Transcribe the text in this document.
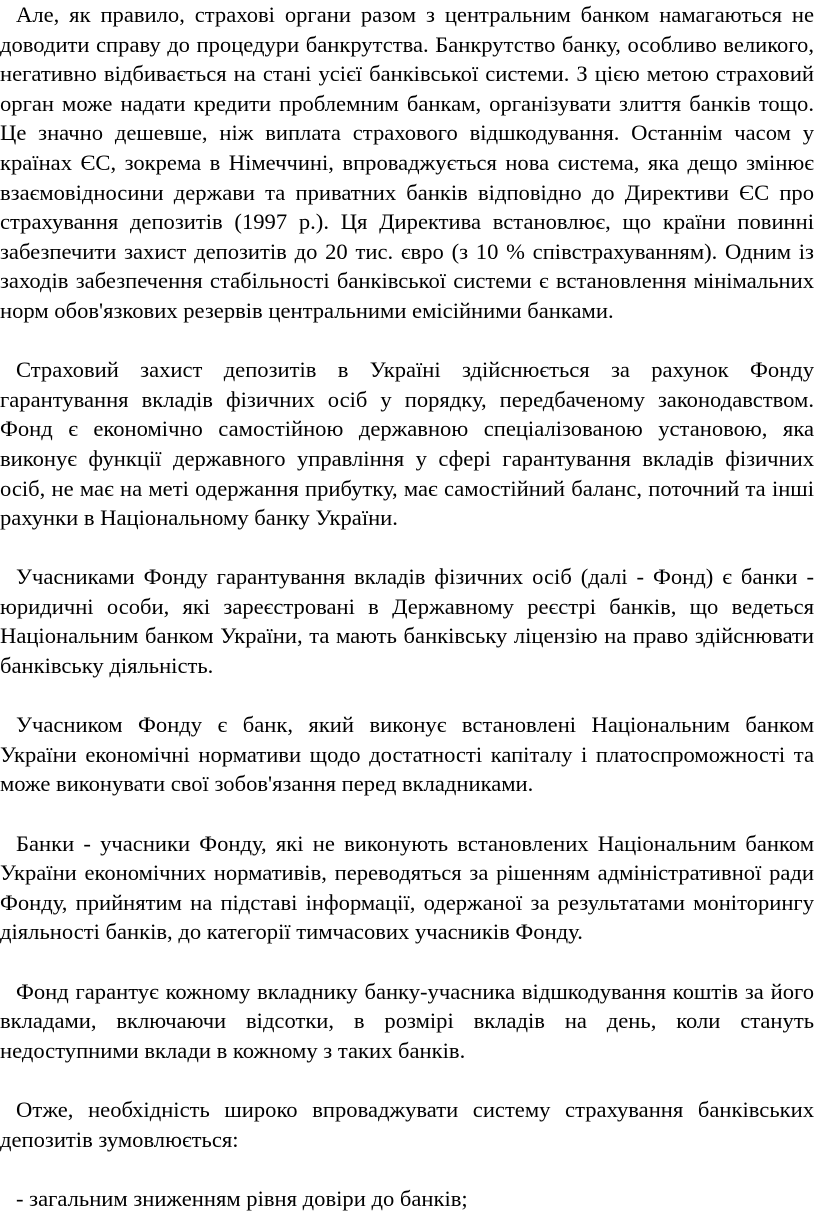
Але, як правило, страхові органи разом з центральним банком намагаються не доводити справу до процедури банкрутства. Банкрутство банку, особливо великого, негативно відбивається на стані усієї банківської системи. З цією метою страховий орган може надати кредити проблемним банкам, організувати злиття банків тощо. Це значно дешевше, ніж виплата страхового відшкодування. Останнім часом у країнах ЄС, зокрема в Німеччині, впроваджується нова система, яка дещо змінює взаємовідносини держави та приватних банків відповідно до Директиви ЄС про страхування депозитів (1997 р.). Ця Директива встановлює, що країни повинні забезпечити захист депозитів до 20 тис. євро (з 10 % співстрахуванням). Одним із заходів забезпечення стабільності банківської системи є встановлення мінімальних норм обов'язкових резервів центральними емісійними банками.

Страховий захист депозитів в Україні здійснюється за рахунок Фонду гарантування вкладів фізичних осіб у порядку, передбаченому законодавством. Фонд є економічно самостійною державною спеціалізованою установою, яка виконує функції державного управління у сфері гарантування вкладів фізичних осіб, не має на меті одержання прибутку, має самостійний баланс, поточний та інші рахунки в Національному банку України.

Учасниками Фонду гарантування вкладів фізичних осіб (далі - Фонд) є банки - юридичні особи, які зареєстровані в Державному реєстрі банків, що ведеться Національним банком України, та мають банківську ліцензію на право здійснювати банківську діяльність.

Учасником Фонду є банк, який виконує встановлені Національним банком України економічні нормативи щодо достатності капіталу і платоспроможності та може виконувати свої зобов'язання перед вкладниками.

Банки - учасники Фонду, які не виконують встановлених Національним банком України економічних нормативів, переводяться за рішенням адміністративної ради Фонду, прийнятим на підставі інформації, одержаної за результатами моніторингу діяльності банків, до категорії тимчасових учасників Фонду.

Фонд гарантує кожному вкладнику банку-учасника відшкодування коштів за його вкладами, включаючи відсотки, в розмірі вкладів на день, коли стануть недоступними вклади в кожному з таких банків.

Отже, необхідність широко впроваджувати систему страхування банківських депозитів зумовлюється:

- загальним зниженням рівня довіри до банків;
